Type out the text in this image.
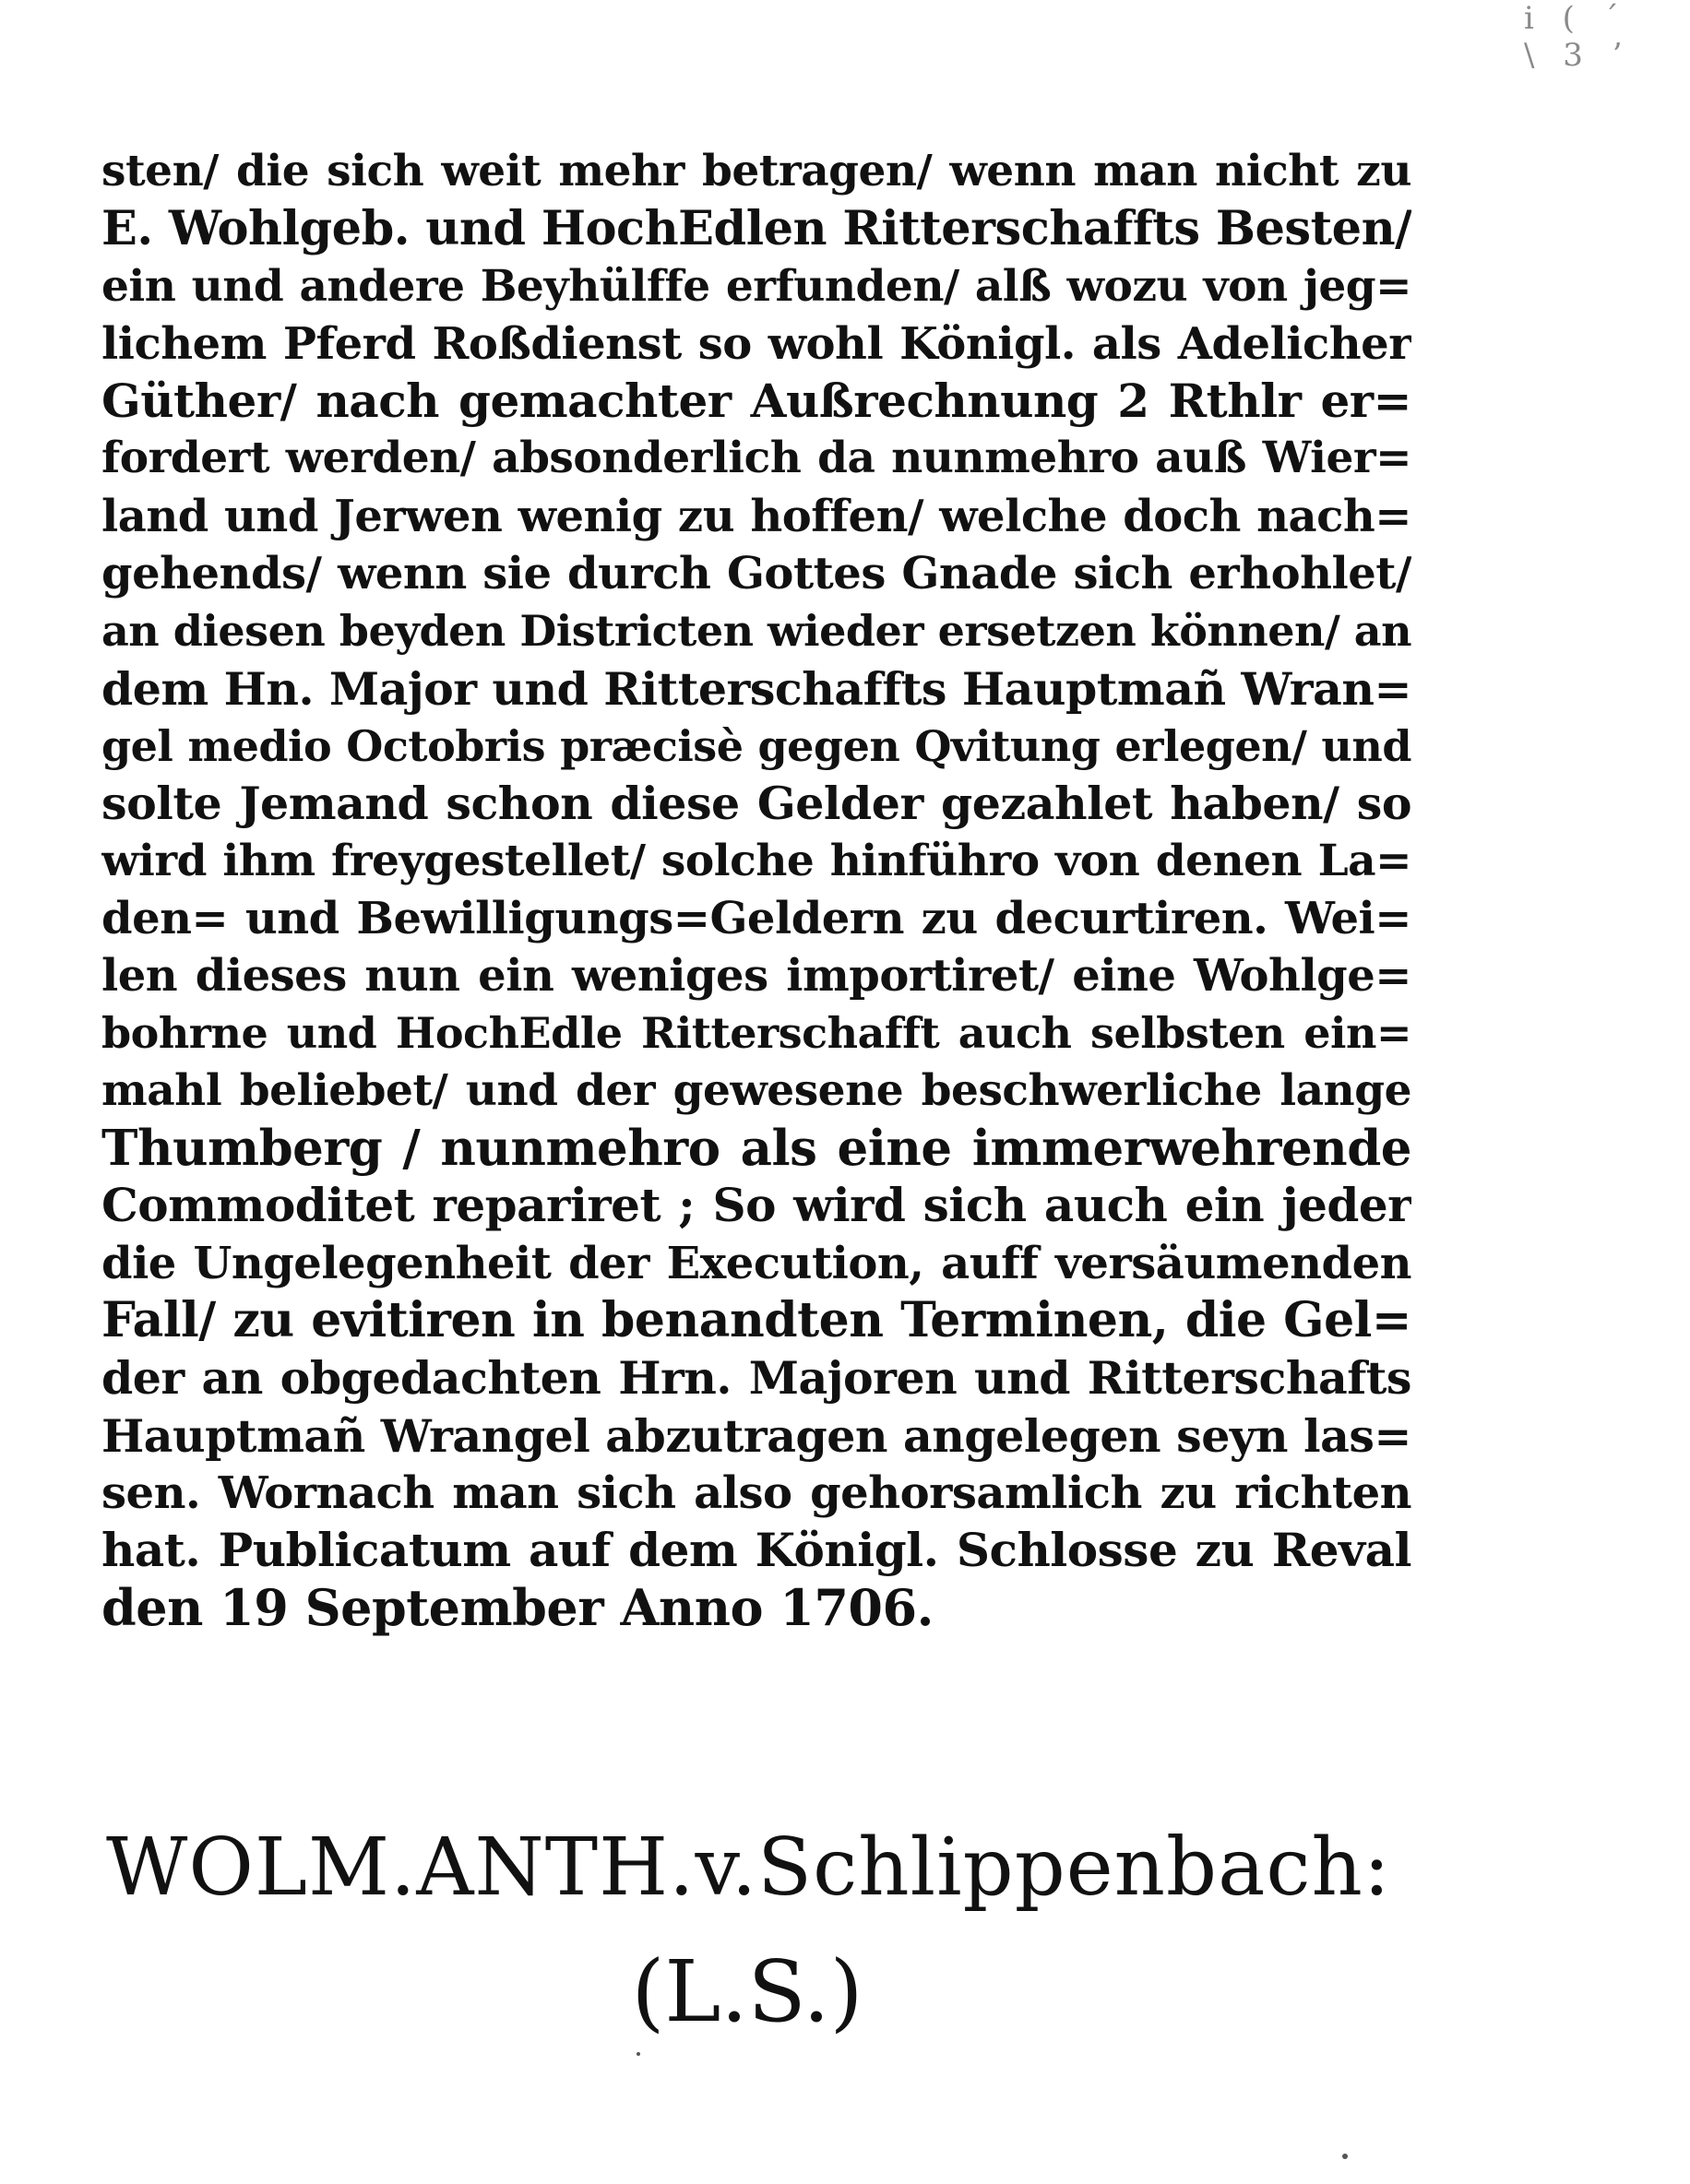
i ( ´
\ 3 ʼ
sten/ die sich weit mehr betragen/ wenn man nicht zu
E. Wohlgeb. und HochEdlen Ritterschaffts Besten/
ein und andere Beyhülffe erfunden/ alß wozu von jeg=
lichem Pferd Roßdienst so wohl Königl. als Adelicher
Güther/ nach gemachter Außrechnung 2 Rthlr er=
fordert werden/ absonderlich da nunmehro auß Wier=
land und Jerwen wenig zu hoffen/ welche doch nach=
gehends/ wenn sie durch Gottes Gnade sich erhohlet/
an diesen beyden Districten wieder ersetzen können/ an
dem Hn. Major und Ritterschaffts Hauptmañ Wran=
gel medio Octobris præcisè gegen Qvitung erlegen/ und
solte Jemand schon diese Gelder gezahlet haben/ so
wird ihm freygestellet/ solche hinführo von denen La=
den= und Bewilligungs=Geldern zu decurtiren. Wei=
len dieses nun ein weniges importiret/ eine Wohlge=
bohrne und HochEdle Ritterschafft auch selbsten ein=
mahl beliebet/ und der gewesene beschwerliche lange
Thumberg / nunmehro als eine immerwehrende
Commoditet repariret ; So wird sich auch ein jeder
die Ungelegenheit der Execution, auff versäumenden
Fall/ zu evitiren in benandten Terminen, die Gel=
der an obgedachten Hrn. Majoren und Ritterschafts
Hauptmañ Wrangel abzutragen angelegen seyn las=
sen. Wornach man sich also gehorsamlich zu richten
hat. Publicatum auf dem Königl. Schlosse zu Reval
den 19 September Anno 1706.
WOLM.ANTH.v.Schlippenbach:
(L.S.)
